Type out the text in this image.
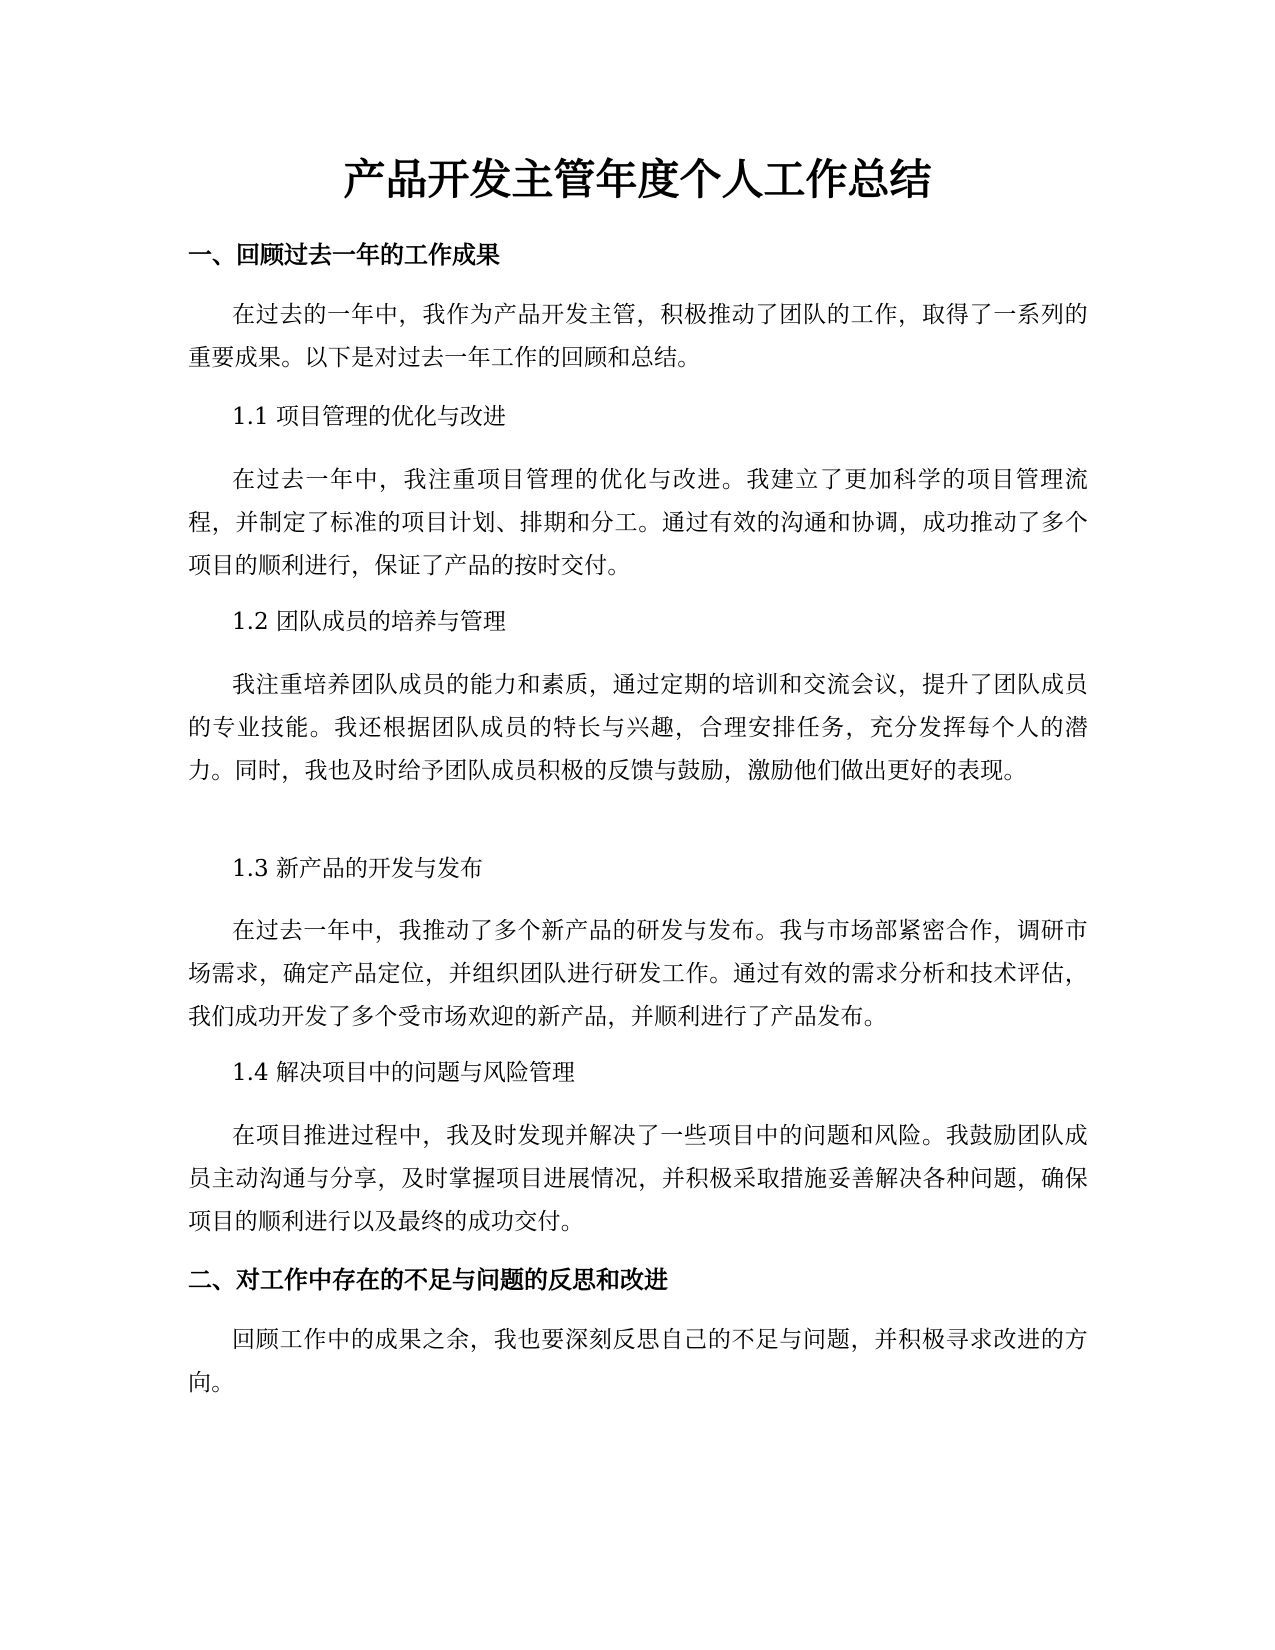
产品开发主管年度个人工作总结
一、回顾过去一年的工作成果

在过去的一年中，我作为产品开发主管，积极推动了团队的工作，取得了一系列的重要成果。以下是对过去一年工作的回顾和总结。

1.1 项目管理的优化与改进

在过去一年中，我注重项目管理的优化与改进。我建立了更加科学的项目管理流程，并制定了标准的项目计划、排期和分工。通过有效的沟通和协调，成功推动了多个项目的顺利进行，保证了产品的按时交付。

1.2 团队成员的培养与管理

我注重培养团队成员的能力和素质，通过定期的培训和交流会议，提升了团队成员的专业技能。我还根据团队成员的特长与兴趣，合理安排任务，充分发挥每个人的潜力。同时，我也及时给予团队成员积极的反馈与鼓励，激励他们做出更好的表现。

1.3 新产品的开发与发布

在过去一年中，我推动了多个新产品的研发与发布。我与市场部紧密合作，调研市场需求，确定产品定位，并组织团队进行研发工作。通过有效的需求分析和技术评估，我们成功开发了多个受市场欢迎的新产品，并顺利进行了产品发布。

1.4 解决项目中的问题与风险管理

在项目推进过程中，我及时发现并解决了一些项目中的问题和风险。我鼓励团队成员主动沟通与分享，及时掌握项目进展情况，并积极采取措施妥善解决各种问题，确保项目的顺利进行以及最终的成功交付。

二、对工作中存在的不足与问题的反思和改进

回顾工作中的成果之余，我也要深刻反思自己的不足与问题，并积极寻求改进的方向。
